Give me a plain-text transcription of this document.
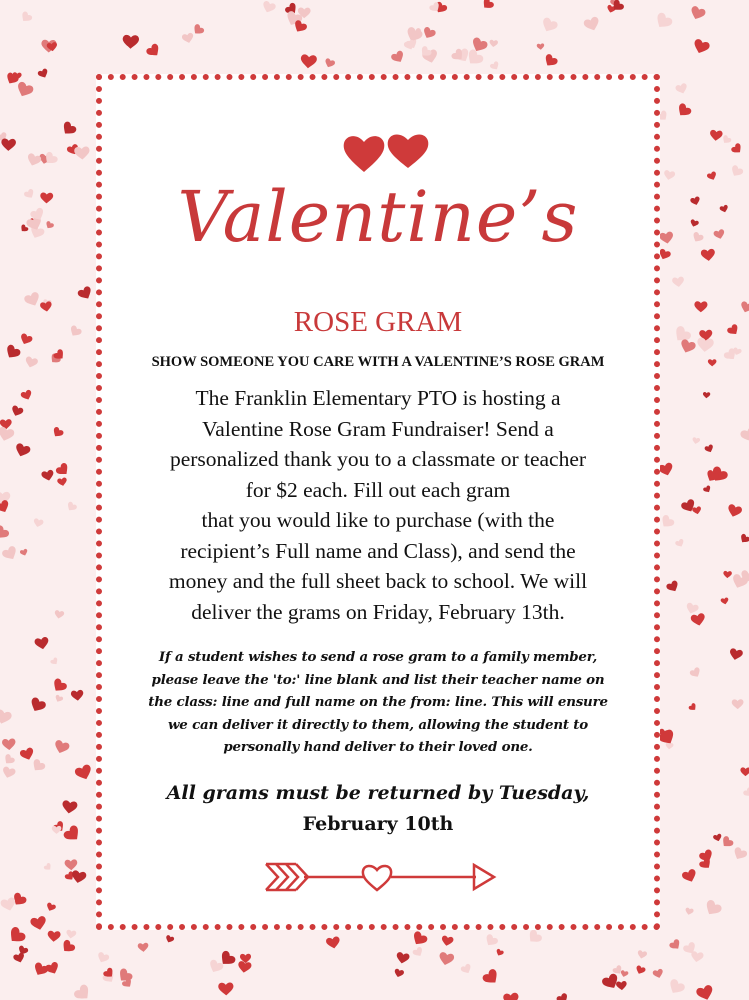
Valentine’s
ROSE GRAM
SHOW SOMEONE YOU CARE WITH A VALENTINE’S ROSE GRAM
The Franklin Elementary PTO is hosting a
Valentine Rose Gram Fundraiser! Send a
personalized thank you to a classmate or teacher
for $2 each. Fill out each gram
that you would like to purchase (with the
recipient’s Full name and Class), and send the
money and the full sheet back to school. We will
deliver the grams on Friday, February 13th.
If a student wishes to send a rose gram to a family member,
please leave the 'to:' line blank and list their teacher name on
the class: line and full name on the from: line. This will ensure
we can deliver it directly to them, allowing the student to
personally hand deliver to their loved one.
All grams must be returned by Tuesday,
February 10th
